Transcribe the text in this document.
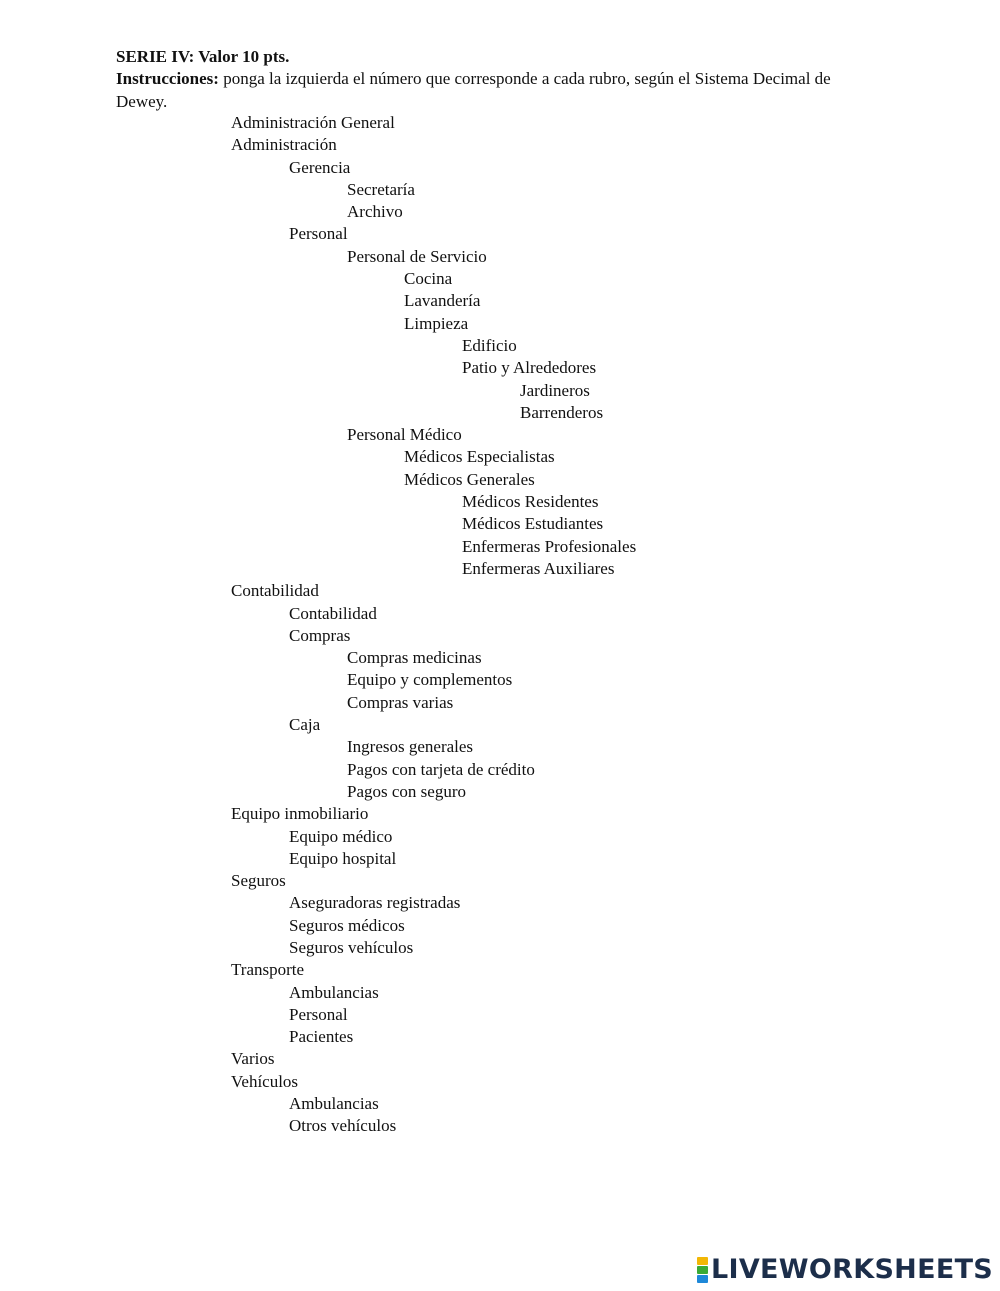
SERIE IV: Valor 10 pts.
Instrucciones: ponga la izquierda el número que corresponde a cada rubro, según el Sistema Decimal de Dewey.
Administración General
Administración
Gerencia
Secretaría
Archivo
Personal
Personal de Servicio
Cocina
Lavandería
Limpieza
Edificio
Patio y Alrededores
Jardineros
Barrenderos
Personal Médico
Médicos Especialistas
Médicos Generales
Médicos Residentes
Médicos Estudiantes
Enfermeras Profesionales
Enfermeras Auxiliares
Contabilidad
Contabilidad
Compras
Compras medicinas
Equipo y complementos
Compras varias
Caja
Ingresos generales
Pagos con tarjeta de crédito
Pagos con seguro
Equipo inmobiliario
Equipo médico
Equipo hospital
Seguros
Aseguradoras registradas
Seguros médicos
Seguros vehículos
Transporte
Ambulancias
Personal
Pacientes
Varios
Vehículos
Ambulancias
Otros vehículos
LIVEWORKSHEETS
